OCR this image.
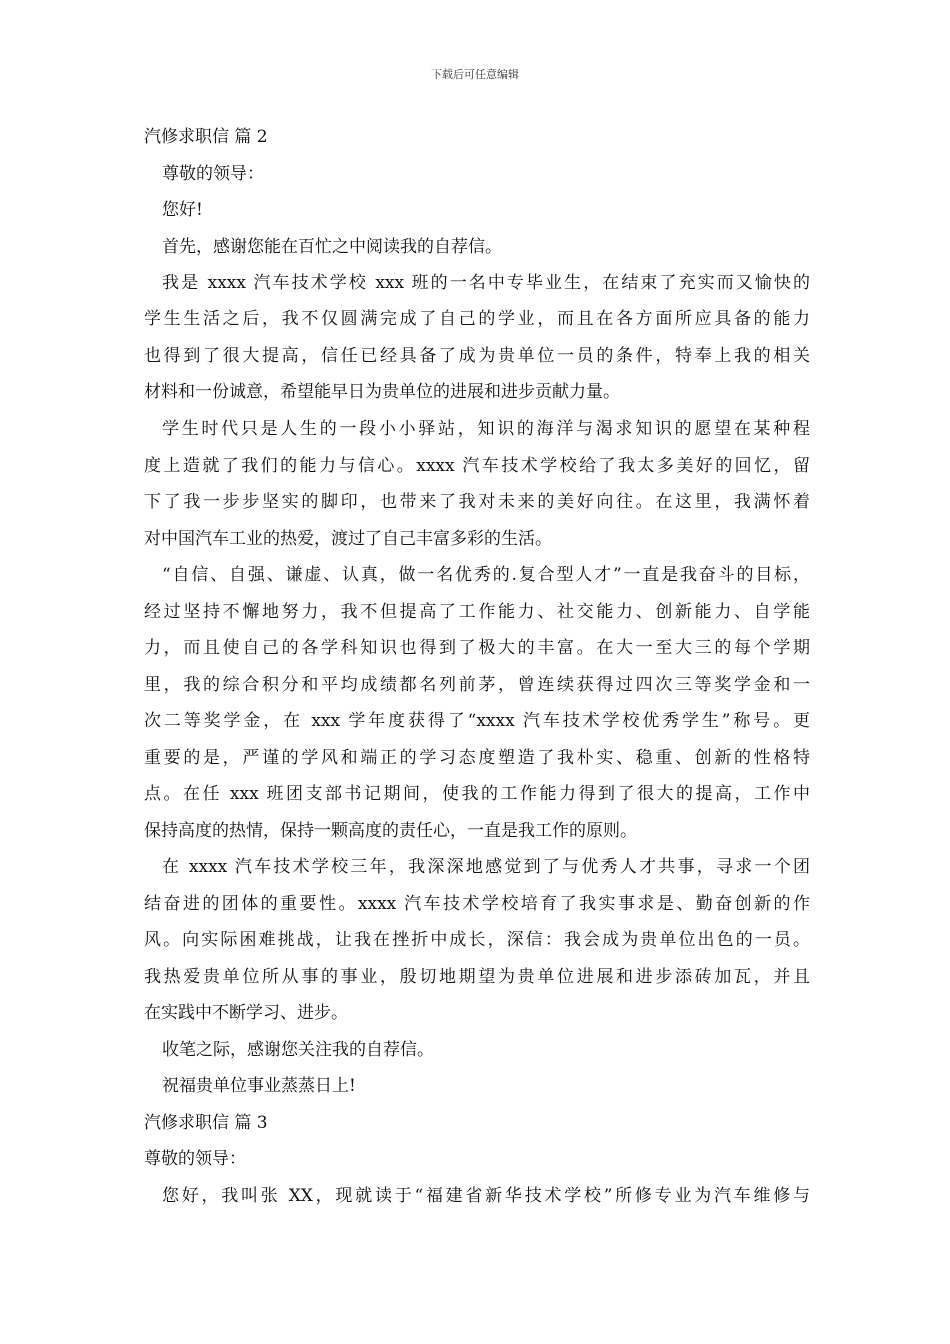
下载后可任意编辑
汽修求职信 篇 2
尊敬的领导：
您好!
首先，感谢您能在百忙之中阅读我的自荐信。
我是 xxxx 汽车技术学校 xxx 班的一名中专毕业生，在结束了充实而又愉快的
学生生活之后，我不仅圆满完成了自己的学业，而且在各方面所应具备的能力
也得到了很大提高，信任已经具备了成为贵单位一员的条件，特奉上我的相关
材料和一份诚意，希望能早日为贵单位的进展和进步贡献力量。
学生时代只是人生的一段小小驿站，知识的海洋与渴求知识的愿望在某种程
度上造就了我们的能力与信心。xxxx 汽车技术学校给了我太多美好的回忆，留
下了我一步步坚实的脚印，也带来了我对未来的美好向往。在这里，我满怀着
对中国汽车工业的热爱，渡过了自己丰富多彩的生活。
“自信、自强、谦虚、认真，做一名优秀的.复合型人才”一直是我奋斗的目标，
经过坚持不懈地努力，我不但提高了工作能力、社交能力、创新能力、自学能
力，而且使自己的各学科知识也得到了极大的丰富。在大一至大三的每个学期
里，我的综合积分和平均成绩都名列前茅，曾连续获得过四次三等奖学金和一
次二等奖学金，在 xxx 学年度获得了“xxxx 汽车技术学校优秀学生”称号。更
重要的是，严谨的学风和端正的学习态度塑造了我朴实、稳重、创新的性格特
点。在任 xxx 班团支部书记期间，使我的工作能力得到了很大的提高，工作中
保持高度的热情，保持一颗高度的责任心，一直是我工作的原则。
在 xxxx 汽车技术学校三年，我深深地感觉到了与优秀人才共事，寻求一个团
结奋进的团体的重要性。xxxx 汽车技术学校培育了我实事求是、勤奋创新的作
风。向实际困难挑战，让我在挫折中成长，深信：我会成为贵单位出色的一员。
我热爱贵单位所从事的事业，殷切地期望为贵单位进展和进步添砖加瓦，并且
在实践中不断学习、进步。
收笔之际，感谢您关注我的自荐信。
祝福贵单位事业蒸蒸日上!
汽修求职信 篇 3
尊敬的领导：
您好，我叫张 XX，现就读于“福建省新华技术学校”所修专业为汽车维修与
